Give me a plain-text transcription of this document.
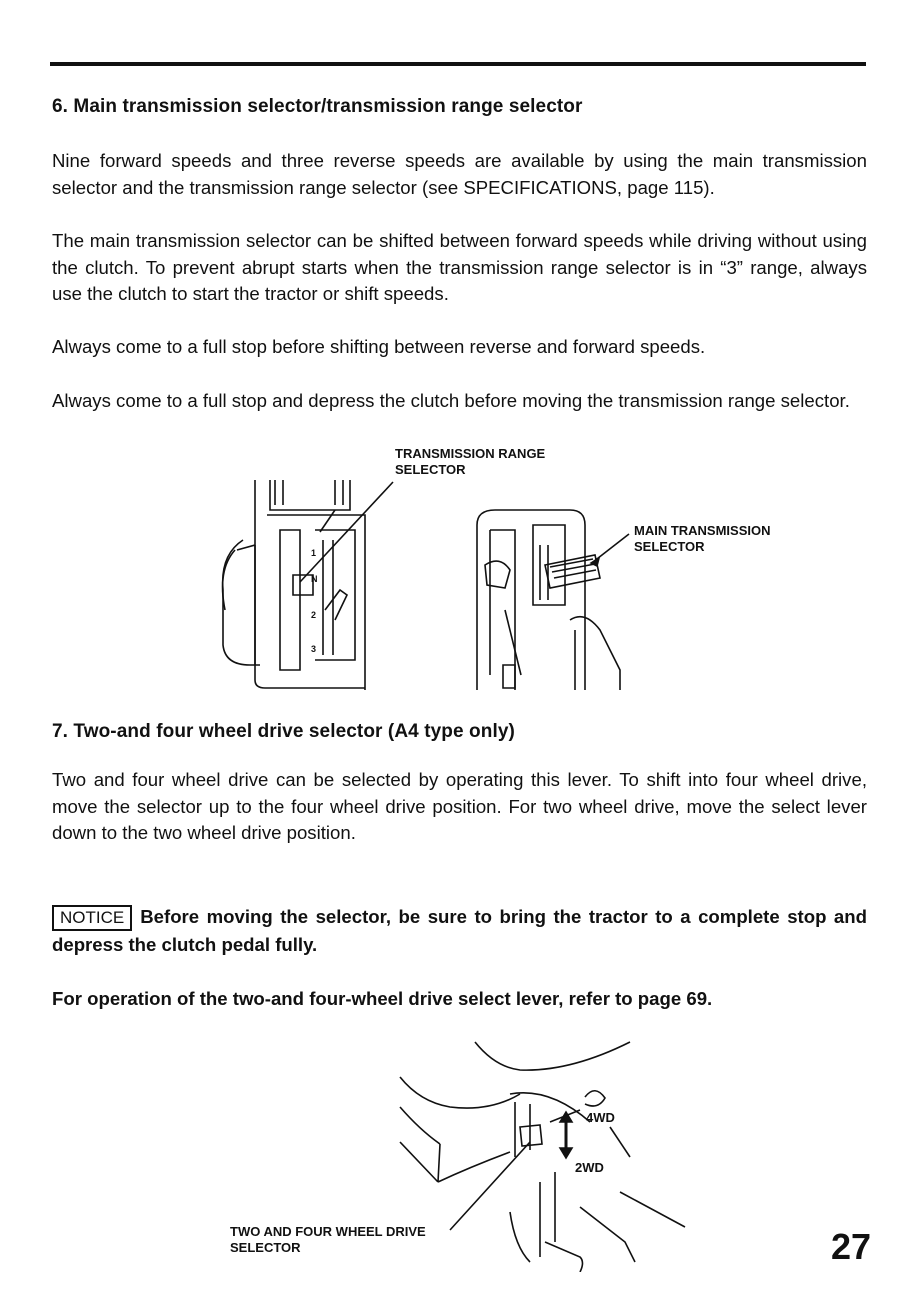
6. Main transmission selector/transmission range selector

Nine forward speeds and three reverse speeds are available by using the main transmission selector and the transmission range selector (see SPECIFICATIONS, page 115).

The main transmission selector can be shifted between forward speeds while driving without using the clutch. To prevent abrupt starts when the transmission range selector is in “3” range, always use the clutch to start the tractor or shift speeds.

Always come to a full stop before shifting between reverse and forward speeds.

Always come to a full stop and depress the clutch before moving the transmission range selector.

TRANSMISSION RANGE
SELECTOR
MAIN TRANSMISSION
SELECTOR
1
N
2
3
7. Two-and four wheel drive selector (A4 type only)

Two and four wheel drive can be selected by operating this lever. To shift into four wheel drive, move the selector up to the four wheel drive position. For two wheel drive, move the select lever down to the two wheel drive position.

NOTICE Before moving the selector, be sure to bring the tractor to a complete stop and depress the clutch pedal fully.

For operation of the two-and four-wheel drive select lever, refer to page 69.

4WD
2WD
TWO AND FOUR WHEEL DRIVE
SELECTOR	27
